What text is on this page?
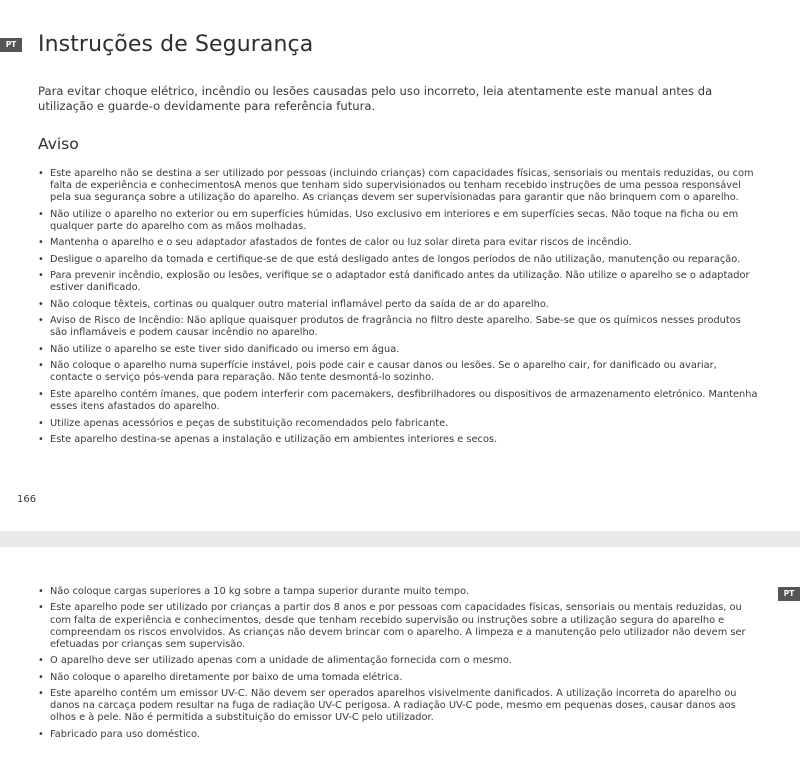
PT Instruções de Segurança

Para evitar choque elétrico, incêndio ou lesões causadas pelo uso incorreto, leia atentamente este manual antes da utilização e guarde-o devidamente para referência futura.

Aviso
• Este aparelho não se destina a ser utilizado por pessoas (incluindo crianças) com capacidades físicas, sensoriais ou mentais reduzidas, ou com falta de experiência e conhecimentosA menos que tenham sido supervisionados ou tenham recebido instruções de uma pessoa responsável pela sua segurança sobre a utilização do aparelho. As crianças devem ser supervisionadas para garantir que não brinquem com o aparelho.
• Não utilize o aparelho no exterior ou em superfícies húmidas. Uso exclusivo em interiores e em superfícies secas. Não toque na ficha ou em qualquer parte do aparelho com as mãos molhadas.
• Mantenha o aparelho e o seu adaptador afastados de fontes de calor ou luz solar direta para evitar riscos de incêndio.
• Desligue o aparelho da tomada e certifique-se de que está desligado antes de longos períodos de não utilização, manutenção ou reparação.
• Para prevenir incêndio, explosão ou lesões, verifique se o adaptador está danificado antes da utilização. Não utilize o aparelho se o adaptador estiver danificado.
• Não coloque têxteis, cortinas ou qualquer outro material inflamável perto da saída de ar do aparelho.
• Aviso de Risco de Incêndio: Não aplique quaisquer produtos de fragrância no filtro deste aparelho. Sabe-se que os químicos nesses produtos são inflamáveis e podem causar incêndio no aparelho.
• Não utilize o aparelho se este tiver sido danificado ou imerso em água.
• Não coloque o aparelho numa superfície instável, pois pode cair e causar danos ou lesões. Se o aparelho cair, for danificado ou avariar, contacte o serviço pós-venda para reparação. Não tente desmontá-lo sozinho.
• Este aparelho contém ímanes, que podem interferir com pacemakers, desfibrilhadores ou dispositivos de armazenamento eletrónico. Mantenha esses itens afastados do aparelho.
• Utilize apenas acessórios e peças de substituição recomendados pelo fabricante.
• Este aparelho destina-se apenas a instalação e utilização em ambientes interiores e secos.
166
PT
• Não coloque cargas superiores a 10 kg sobre a tampa superior durante muito tempo.
• Este aparelho pode ser utilizado por crianças a partir dos 8 anos e por pessoas com capacidades físicas, sensoriais ou mentais reduzidas, ou com falta de experiência e conhecimentos, desde que tenham recebido supervisão ou instruções sobre a utilização segura do aparelho e compreendam os riscos envolvidos. As crianças não devem brincar com o aparelho. A limpeza e a manutenção pelo utilizador não devem ser efetuadas por crianças sem supervisão.
• O aparelho deve ser utilizado apenas com a unidade de alimentação fornecida com o mesmo.
• Não coloque o aparelho diretamente por baixo de uma tomada elétrica.
• Este aparelho contém um emissor UV-C. Não devem ser operados aparelhos visivelmente danificados. A utilização incorreta do aparelho ou danos na carcaça podem resultar na fuga de radiação UV-C perigosa. A radiação UV-C pode, mesmo em pequenas doses, causar danos aos olhos e à pele. Não é permitida a substituição do emissor UV-C pelo utilizador.
• Fabricado para uso doméstico.
